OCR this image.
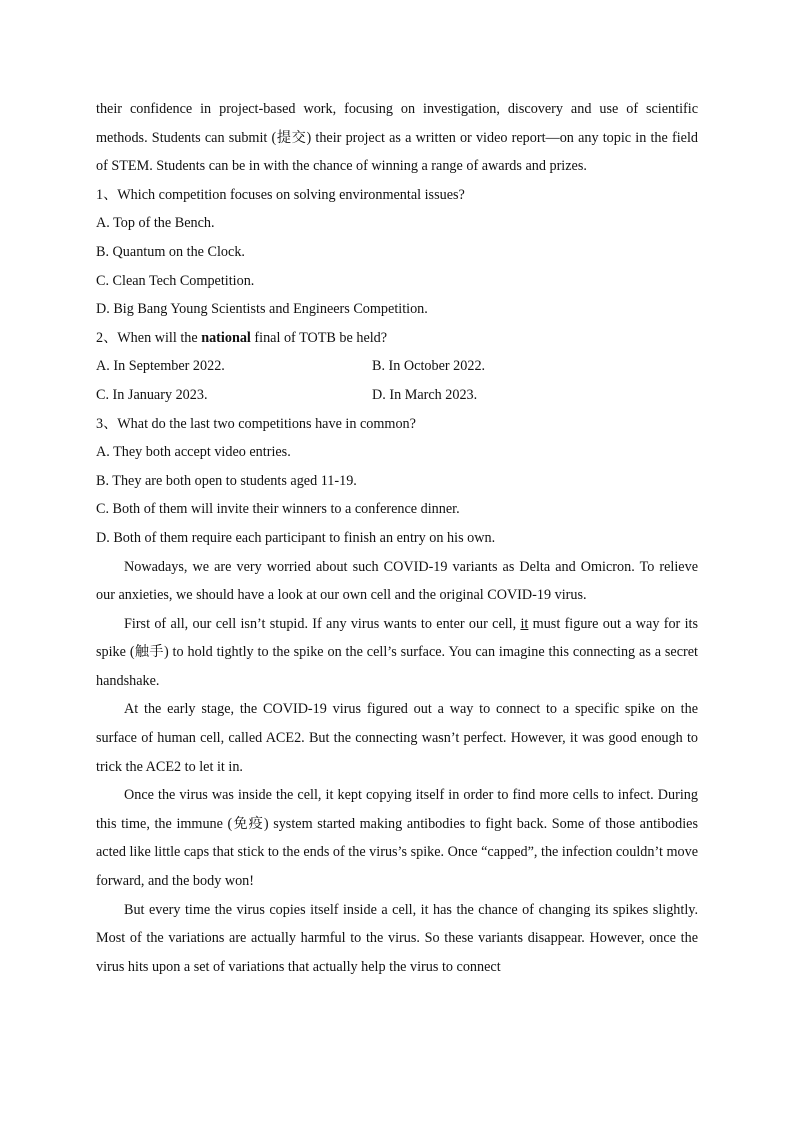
their confidence in project-based work, focusing on investigation, discovery and use of scientific methods. Students can submit (提交) their project as a written or video report—on any topic in the field of STEM. Students can be in with the chance of winning a range of awards and prizes.

1、Which competition focuses on solving environmental issues?

A. Top of the Bench.

B. Quantum on the Clock.

C. Clean Tech Competition.

D. Big Bang Young Scientists and Engineers Competition.

2、When will the national final of TOTB be held?

A. In September 2022.	B. In October 2022.
C. In January 2023.	D. In March 2023.

3、What do the last two competitions have in common?

A. They both accept video entries.

B. They are both open to students aged 11-19.

C. Both of them will invite their winners to a conference dinner.

D. Both of them require each participant to finish an entry on his own.

Nowadays, we are very worried about such COVID-19 variants as Delta and Omicron. To relieve our anxieties, we should have a look at our own cell and the original COVID-19 virus.

First of all, our cell isn’t stupid. If any virus wants to enter our cell, it must figure out a way for its spike (触手) to hold tightly to the spike on the cell’s surface. You can imagine this connecting as a secret handshake.

At the early stage, the COVID-19 virus figured out a way to connect to a specific spike on the surface of human cell, called ACE2. But the connecting wasn’t perfect. However, it was good enough to trick the ACE2 to let it in.

Once the virus was inside the cell, it kept copying itself in order to find more cells to infect. During this time, the immune (免疫) system started making antibodies to fight back. Some of those antibodies acted like little caps that stick to the ends of the virus’s spike. Once “capped”, the infection couldn’t move forward, and the body won!

But every time the virus copies itself inside a cell, it has the chance of changing its spikes slightly. Most of the variations are actually harmful to the virus. So these variants disappear. However, once the virus hits upon a set of variations that actually help the virus to connect
